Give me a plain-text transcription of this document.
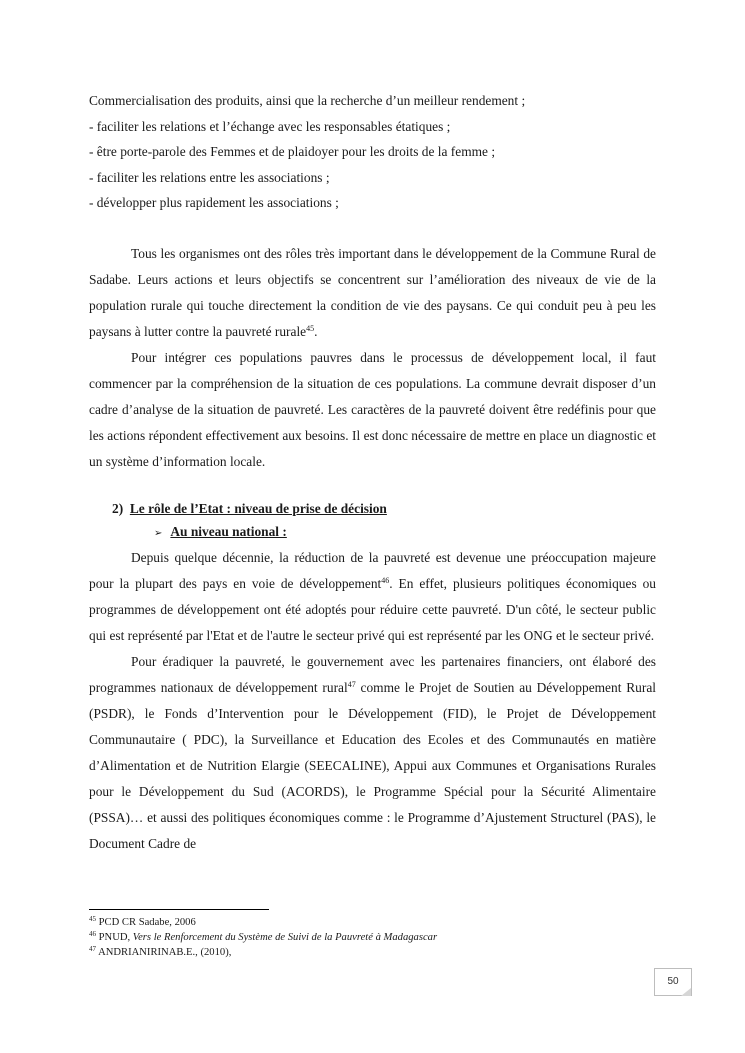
Commercialisation des produits, ainsi que la recherche d’un meilleur rendement ;

- faciliter les relations et l’échange avec les responsables étatiques ;

- être porte-parole des Femmes et de plaidoyer pour les droits de la femme ;

- faciliter les relations entre les associations ;

- développer plus rapidement les associations ;

Tous les organismes ont des rôles très important dans le développement de la Commune Rural de Sadabe. Leurs actions et leurs objectifs se concentrent sur l’amélioration des niveaux de vie de la population rurale qui touche directement la condition de vie des paysans. Ce qui conduit peu à peu les paysans à lutter contre la pauvreté rurale$^{45}$.

Pour intégrer ces populations pauvres dans le processus de développement local, il faut commencer par la compréhension de la situation de ces populations. La commune devrait disposer d’un cadre d’analyse de la situation de pauvreté. Les caractères de la pauvreté doivent être redéfinis pour que les actions répondent effectivement aux besoins. Il est donc nécessaire de mettre en place un diagnostic et un système d’information locale.

2) Le rôle de l’Etat : niveau de prise de décision
➢ Au niveau national :

Depuis quelque décennie, la réduction de la pauvreté est devenue une préoccupation majeure pour la plupart des pays en voie de développement$^{46}$. En effet, plusieurs politiques économiques ou programmes de développement ont été adoptés pour réduire cette pauvreté. D'un côté, le secteur public qui est représenté par l'Etat et de l'autre le secteur privé qui est représenté par les ONG et le secteur privé.

Pour éradiquer la pauvreté, le gouvernement avec les partenaires financiers, ont élaboré des programmes nationaux de développement rural$^{47}$ comme le Projet de Soutien au Développement Rural (PSDR), le Fonds d’Intervention pour le Développement (FID), le Projet de Développement Communautaire ( PDC), la Surveillance et Education des Ecoles et des Communautés en matière d’Alimentation et de Nutrition Elargie (SEECALINE), Appui aux Communes et Organisations Rurales pour le Développement du Sud (ACORDS), le Programme Spécial pour la Sécurité Alimentaire (PSSA)… et aussi des politiques économiques comme : le Programme d’Ajustement Structurel (PAS), le Document Cadre de

$^{45}$ PCD CR Sadabe, 2006
$^{46}$ PNUD, Vers le Renforcement du Système de Suivi de la Pauvreté à Madagascar
$^{47}$ ANDRIANIRINAB.E., (2010),
50
